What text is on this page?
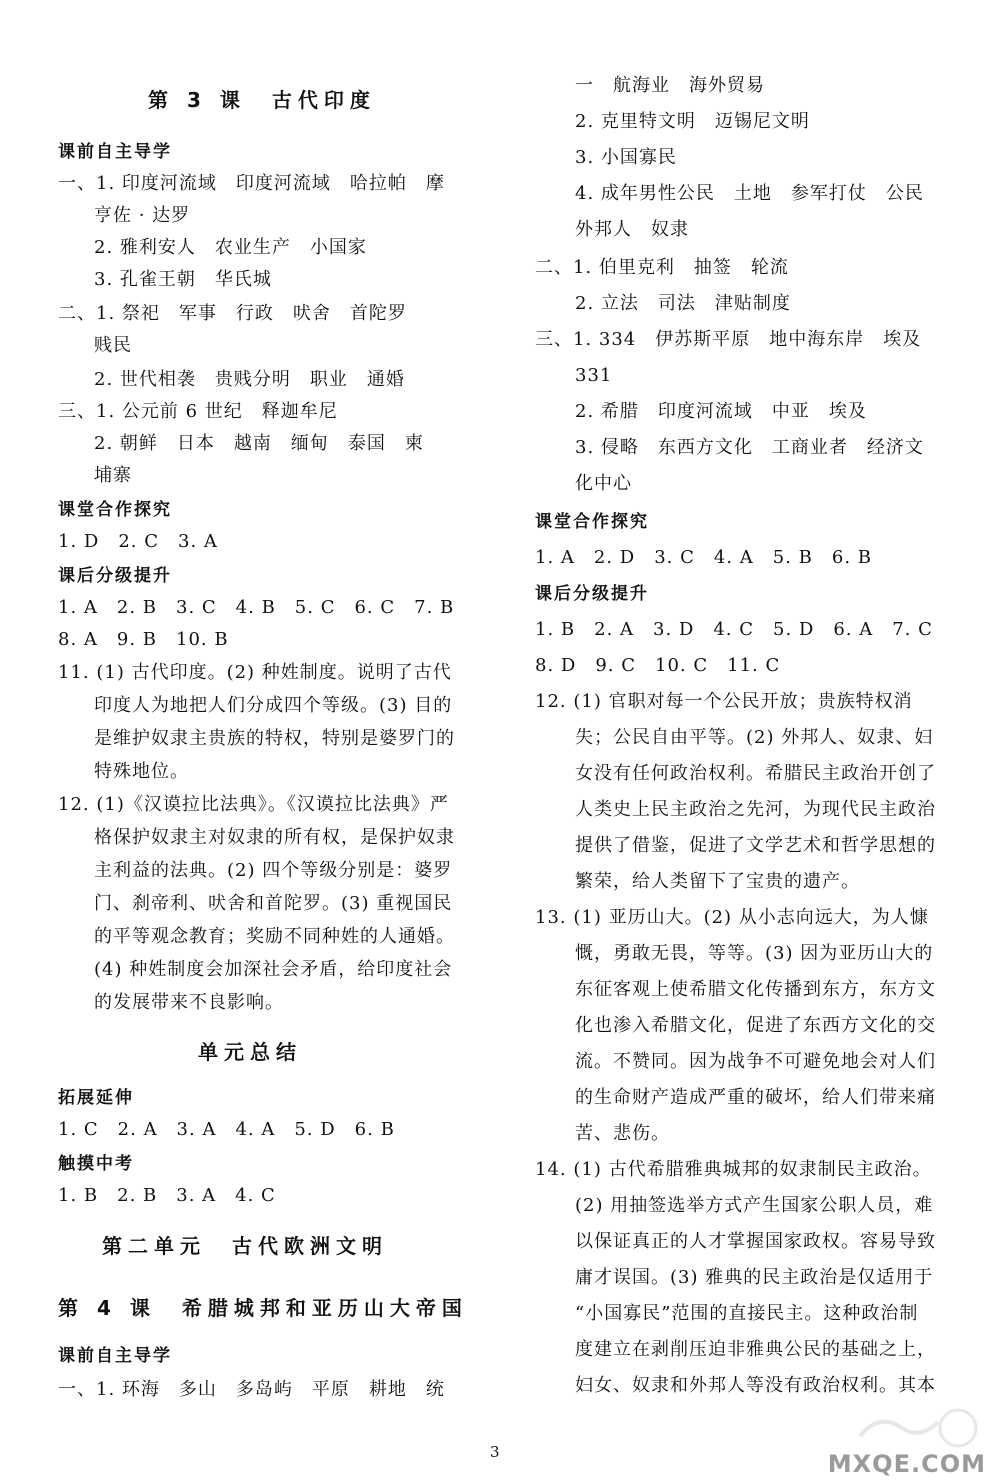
第 3 课　古代印度
课前自主导学
一、1. 印度河流域　印度河流域　哈拉帕　摩
亨佐 · 达罗
2. 雅利安人　农业生产　小国家
3. 孔雀王朝　华氏城
二、1. 祭祀　军事　行政　吠舍　首陀罗
贱民
2. 世代相袭　贵贱分明　职业　通婚
三、1. 公元前 6 世纪　释迦牟尼
2. 朝鲜　日本　越南　缅甸　泰国　柬
埔寨
课堂合作探究
1. D　2. C　3. A
课后分级提升
1. A　2. B　3. C　4. B　5. C　6. C　7. B
8. A　9. B　10. B
11. (1) 古代印度。(2) 种姓制度。说明了古代
印度人为地把人们分成四个等级。(3) 目的
是维护奴隶主贵族的特权，特别是婆罗门的
特殊地位。
12. (1)《汉谟拉比法典》。《汉谟拉比法典》严
格保护奴隶主对奴隶的所有权，是保护奴隶
主利益的法典。(2) 四个等级分别是：婆罗
门、刹帝利、吠舍和首陀罗。(3) 重视国民
的平等观念教育；奖励不同种姓的人通婚。
(4) 种姓制度会加深社会矛盾，给印度社会
的发展带来不良影响。
单元总结
拓展延伸
1. C　2. A　3. A　4. A　5. D　6. B
触摸中考
1. B　2. B　3. A　4. C
第二单元　古代欧洲文明
第 4 课　希腊城邦和亚历山大帝国
课前自主导学
一、1. 环海　多山　多岛屿　平原　耕地　统
一　航海业　海外贸易
2. 克里特文明　迈锡尼文明
3. 小国寡民
4. 成年男性公民　土地　参军打仗　公民
外邦人　奴隶
二、1. 伯里克利　抽签　轮流
2. 立法　司法　津贴制度
三、1. 334　伊苏斯平原　地中海东岸　埃及
331
2. 希腊　印度河流域　中亚　埃及
3. 侵略　东西方文化　工商业者　经济文
化中心
课堂合作探究
1. A　2. D　3. C　4. A　5. B　6. B
课后分级提升
1. B　2. A　3. D　4. C　5. D　6. A　7. C
8. D　9. C　10. C　11. C
12. (1) 官职对每一个公民开放；贵族特权消
失；公民自由平等。(2) 外邦人、奴隶、妇
女没有任何政治权利。希腊民主政治开创了
人类史上民主政治之先河，为现代民主政治
提供了借鉴，促进了文学艺术和哲学思想的
繁荣，给人类留下了宝贵的遗产。
13. (1) 亚历山大。(2) 从小志向远大，为人慷
慨，勇敢无畏，等等。(3) 因为亚历山大的
东征客观上使希腊文化传播到东方，东方文
化也渗入希腊文化，促进了东西方文化的交
流。不赞同。因为战争不可避免地会对人们
的生命财产造成严重的破坏，给人们带来痛
苦、悲伤。
14. (1) 古代希腊雅典城邦的奴隶制民主政治。
(2) 用抽签选举方式产生国家公职人员，难
以保证真正的人才掌握国家政权。容易导致
庸才误国。(3) 雅典的民主政治是仅适用于
“小国寡民”范围的直接民主。这种政治制
度建立在剥削压迫非雅典公民的基础之上，
妇女、奴隶和外邦人等没有政治权利。其本
3	MXQE.COM
